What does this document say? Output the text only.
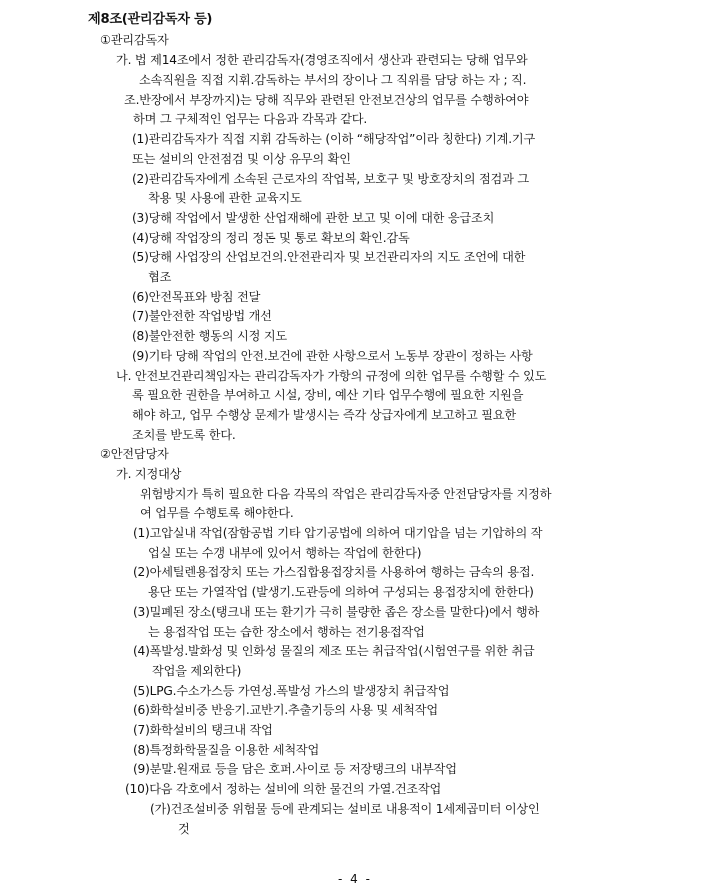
제8조(관리감독자 등)
①관리감독자
가. 법 제14조에서 정한 관리감독자(경영조직에서 생산과 관련되는 당해 업무와
소속직원을 직접 지휘.감독하는 부서의 장이나 그 직위를 담당 하는 자 ; 직.
조.반장에서 부장까지)는 당해 직무와 관련된 안전보건상의 업무를 수행하여야
하며 그 구체적인 업무는 다음과 각목과 같다.
(1)관리감독자가 직접 지휘 감독하는 (이하 “해당작업”이라 칭한다) 기계.기구
또는 설비의 안전점검 및 이상 유무의 확인
(2)관리감독자에게 소속된 근로자의 작업복, 보호구 및 방호장치의 점검과 그
착용 및 사용에 관한 교육지도
(3)당해 작업에서 발생한 산업재해에 관한 보고 및 이에 대한 응급조치
(4)당해 작업장의 정리 정돈 및 통로 확보의 확인.감독
(5)당해 사업장의 산업보건의.안전관리자 및 보건관리자의 지도 조언에 대한
협조
(6)안전목표와 방침 전달
(7)불안전한 작업방법 개선
(8)불안전한 행동의 시정 지도
(9)기타 당해 작업의 안전.보건에 관한 사항으로서 노동부 장관이 정하는 사항
나. 안전보건관리책임자는 관리감독자가 가항의 규정에 의한 업무를 수행할 수 있도
록 필요한 권한을 부여하고 시설, 장비, 예산 기타 업무수행에 필요한 지원을
해야 하고, 업무 수행상 문제가 발생시는 즉각 상급자에게 보고하고 필요한
조치를 받도록 한다.
②안전담당자
가. 지정대상
위험방지가 특히 필요한 다음 각목의 작업은 관리감독자중 안전담당자를 지정하
여 업무를 수행토록 해야한다.
(1)고압실내 작업(잠함공법 기타 압기공법에 의하여 대기압을 넘는 기압하의 작
업실 또는 수갱 내부에 있어서 행하는 작업에 한한다)
(2)아세틸렌용접장치 또는 가스집합용접장치를 사용하여 행하는 금속의 용접.
용단 또는 가열작업 (발생기.도관등에 의하여 구성되는 용접장치에 한한다)
(3)밀폐된 장소(탱크내 또는 환기가 극히 불량한 좁은 장소를 말한다)에서 행하
는 용접작업 또는 습한 장소에서 행하는 전기용접작업
(4)폭발성.발화성 및 인화성 물질의 제조 또는 취급작업(시험연구를 위한 취급
작업을 제외한다)
(5)LPG.수소가스등 가연성.폭발성 가스의 발생장치 취급작업
(6)화학설비중 반응기.교반기.추출기등의 사용 및 세척작업
(7)화학설비의 탱크내 작업
(8)특정화학물질을 이용한 세척작업
(9)분말.원재료 등을 담은 호퍼.사이로 등 저장탱크의 내부작업
(10)다음 각호에서 정하는 설비에 의한 물건의 가열.건조작업
(가)건조설비중 위험물 등에 관계되는 설비로 내용적이 1세제곱미터 이상인
것
- 4 -
